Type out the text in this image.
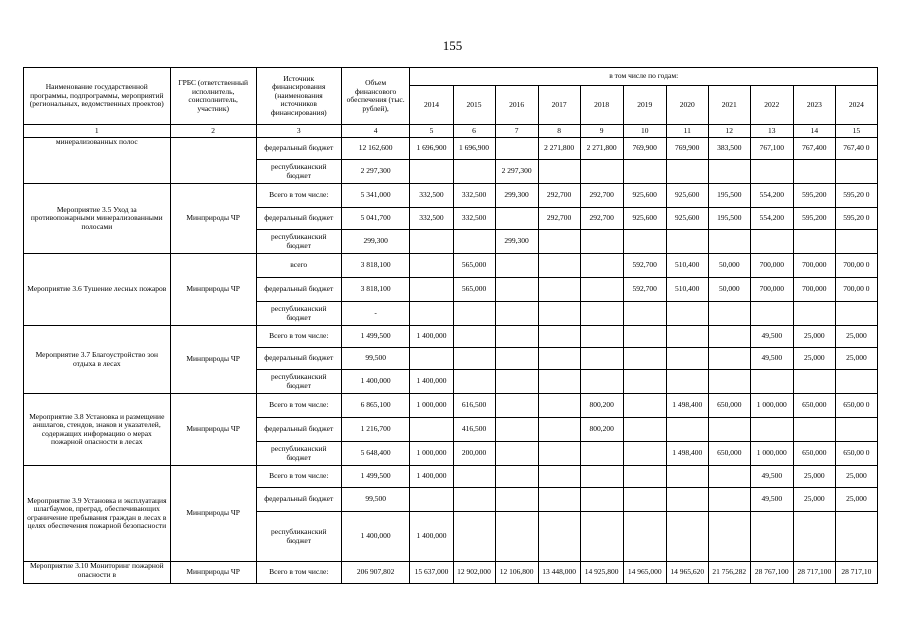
155
Наименование государственной программы, подпрограммы, мероприятий (региональных, ведомственных проектов)	ГРБС (ответственный исполнитель, соисполнитель, участник)	Источник финансирования (наименования источников финансирования)	Объем финансового обеспечения (тыс. рублей),	в том числе по годам:										
				2014	2015	2016	2017	2018	2019	2020	2021	2022	2023	2024
1	2	3	4	5	6	7	8	9	10	11	12	13	14	15
минерализованных полос		федеральный бюджет	12 162,600	1 696,900	1 696,900		2 271,800	2 271,800	769,900	769,900	383,500	767,100	767,400	767,40 0
		республиканский бюджет	2 297,300			2 297,300								
Мероприятие 3.5 Уход за противопожарными минерализованными полосами	Минприроды ЧР	Всего в том числе:	5 341,000	332,500	332,500	299,300	292,700	292,700	925,600	925,600	195,500	554,200	595,200	595,20 0
		федеральный бюджет	5 041,700	332,500	332,500		292,700	292,700	925,600	925,600	195,500	554,200	595,200	595,20 0
		республиканский бюджет	299,300			299,300								
Мероприятие 3.6 Тушение лесных пожаров	Минприроды ЧР	всего	3 818,100		565,000				592,700	510,400	50,000	700,000	700,000	700,00 0
		федеральный бюджет	3 818,100		565,000				592,700	510,400	50,000	700,000	700,000	700,00 0
		республиканский бюджет	-											
Мероприятие 3.7 Благоустройство зон отдыха в лесах	Минприроды ЧР	Всего в том числе:	1 499,500	1 400,000								49,500	25,000	25,000
		федеральный бюджет	99,500									49,500	25,000	25,000
		республиканский бюджет	1 400,000	1 400,000										
Мероприятие 3.8 Установка и размещение аншлагов, стендов, знаков и указателей, содержащих информацию о мерах пожарной опасности в лесах	Минприроды ЧР	Всего в том числе:	6 865,100	1 000,000	616,500			800,200		1 498,400	650,000	1 000,000	650,000	650,00 0
		федеральный бюджет	1 216,700		416,500			800,200						
		республиканский бюджет	5 648,400	1 000,000	200,000					1 498,400	650,000	1 000,000	650,000	650,00 0
Мероприятие 3.9 Установка и эксплуатация шлагбаумов, преград, обеспечивающих ограничение пребывания граждан в лесах в целях обеспечения пожарной безопасности	Минприроды ЧР	Всего в том числе:	1 499,500	1 400,000								49,500	25,000	25,000
		федеральный бюджет	99,500									49,500	25,000	25,000
		республиканский бюджет	1 400,000	1 400,000										
Мероприятие 3.10 Мониторинг пожарной опасности в	Минприроды ЧР	Всего в том числе:	206 907,802	15 637,000	12 902,000	12 106,800	13 448,000	14 925,800	14 965,000	14 965,620	21 756,282	28 767,100	28 717,100	28 717,10
